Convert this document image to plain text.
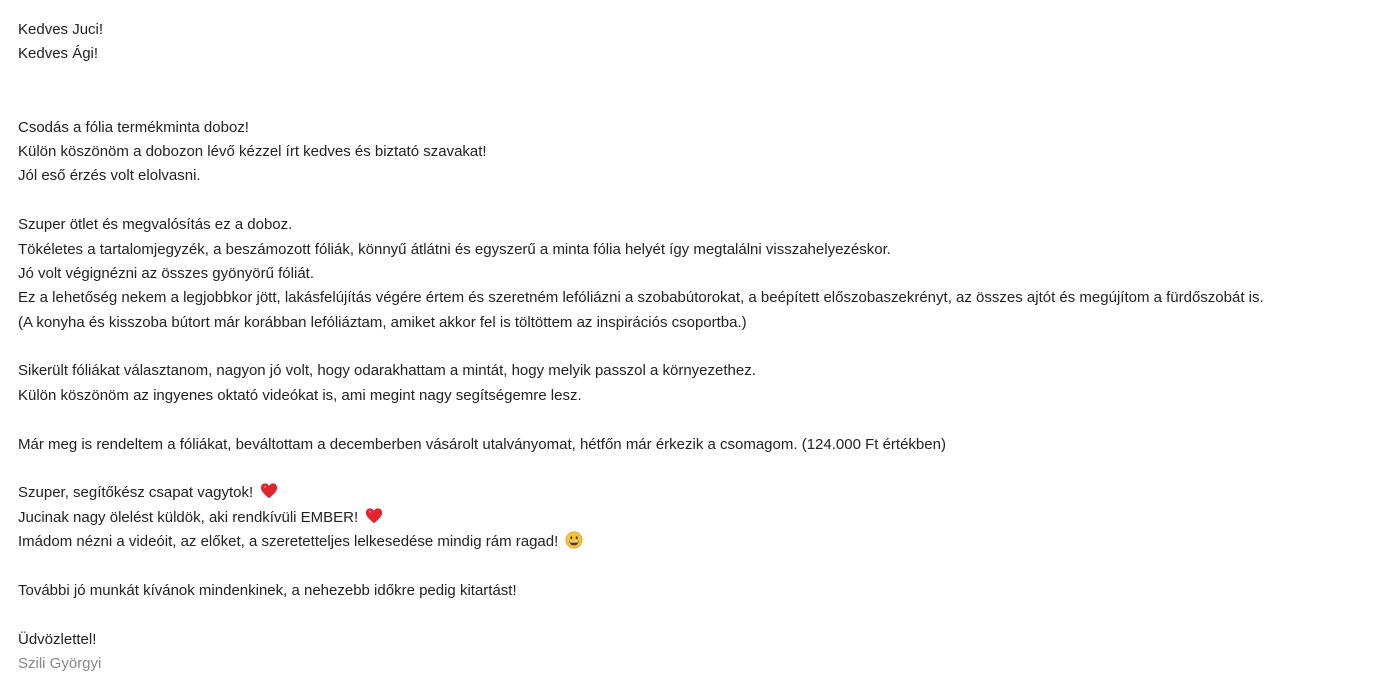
Kedves Juci!
Kedves Ági!
Csodás a fólia termékminta doboz!
Külön köszönöm a dobozon lévő kézzel írt kedves és biztató szavakat!
Jól eső érzés volt elolvasni.
Szuper ötlet és megvalósítás ez a doboz.
Tökéletes a tartalomjegyzék, a beszámozott fóliák, könnyű átlátni és egyszerű a minta fólia helyét így megtalálni visszahelyezéskor.
Jó volt végignézni az összes gyönyörű fóliát.
Ez a lehetőség nekem a legjobbkor jött, lakásfelújítás végére értem és szeretném lefóliázni a szobabútorokat, a beépített előszobaszekrényt, az összes ajtót és megújítom a fürdőszobát is.
(A konyha és kisszoba bútort már korábban lefóliáztam, amiket akkor fel is töltöttem az inspirációs csoportba.)
Sikerült fóliákat választanom, nagyon jó volt, hogy odarakhattam a mintát, hogy melyik passzol a környezethez.
Külön köszönöm az ingyenes oktató videókat is, ami megint nagy segítségemre lesz.
Már meg is rendeltem a fóliákat, beváltottam a decemberben vásárolt utalványomat, hétfőn már érkezik a csomagom. (124.000 Ft értékben)
Szuper, segítőkész csapat vagytok!
Jucinak nagy ölelést küldök, aki rendkívüli EMBER!
Imádom nézni a videóit, az előket, a szeretetteljes lelkesedése mindig rám ragad!
További jó munkát kívánok mindenkinek, a nehezebb időkre pedig kitartást!
Üdvözlettel!
Szili Györgyi
